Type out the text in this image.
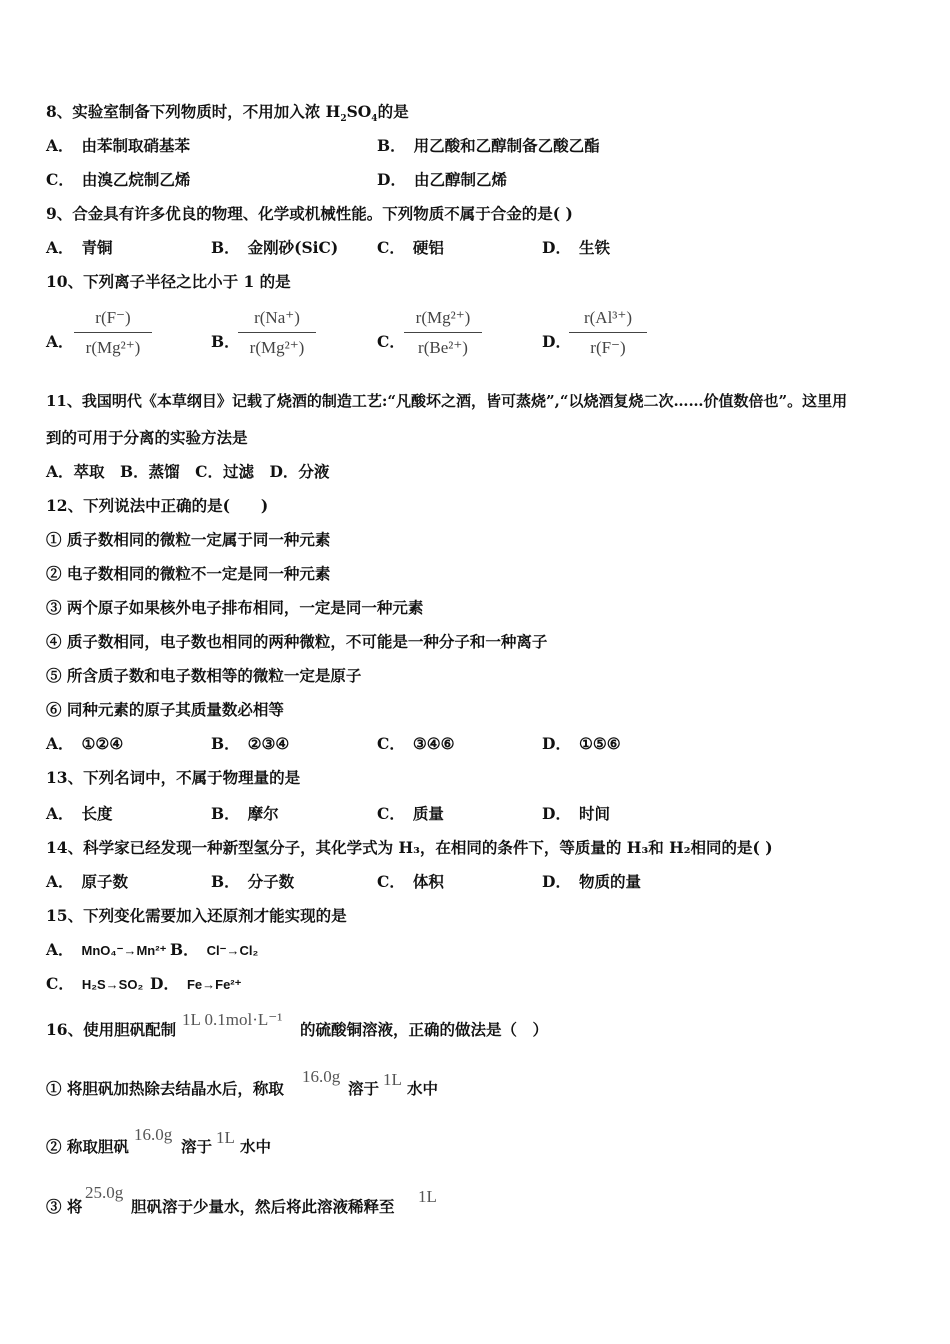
8、实验室制备下列物质时，不用加入浓 $H_2SO_4$的是
A． 由苯制取硝基苯	B． 用乙酸和乙醇制备乙酸乙酯
C． 由溴乙烷制乙烯	D． 由乙醇制乙烯
9、合金具有许多优良的物理、化学或机械性能。下列物质不属于合金的是( )
A． 青铜	B． 金刚砂(SiC)	C． 硬铝	D． 生铁
10、下列离子半径之比小于 1 的是
A．
r(F⁻)
r(Mg²⁺)	B．
r(Na⁺)
r(Mg²⁺)	C．
r(Mg²⁺)
r(Be²⁺)	D．
r(Al³⁺)
r(F⁻)
11、我国明代《本草纲目》记载了烧酒的制造工艺:“凡酸坏之酒，皆可蒸烧”,“以烧酒复烧二次……价值数倍也”。这里用
到的可用于分离的实验方法是
A．萃取　B．蒸馏　C．过滤　D．分液
12、下列说法中正确的是(　　)
① 质子数相同的微粒一定属于同一种元素
② 电子数相同的微粒不一定是同一种元素
③ 两个原子如果核外电子排布相同，一定是同一种元素
④ 质子数相同，电子数也相同的两种微粒，不可能是一种分子和一种离子
⑤ 所含质子数和电子数相等的微粒一定是原子
⑥ 同种元素的原子其质量数必相等
A． ①②④	B． ②③④	C． ③④⑥	D． ①⑤⑥
13、下列名词中，不属于物理量的是
A． 长度	B． 摩尔	C． 质量	D． 时间
14、科学家已经发现一种新型氢分子，其化学式为 H₃，在相同的条件下，等质量的 H₃和 H₂相同的是( )
A． 原子数	B． 分子数	C． 体积	D． 物质的量
15、下列变化需要加入还原剂才能实现的是
A． MnO₄⁻→Mn²⁺ B． Cl⁻→Cl₂
C． H₂S→SO₂ D． Fe→Fe²⁺
16、使用胆矾配制
1L 0.1mol·L⁻¹
的硫酸铜溶液，正确的做法是（　）
① 将胆矾加热除去结晶水后，称取
16.0g
溶于 1L 水中
② 称取胆矾
16.0g
溶于 1L 水中
③ 将
25.0g
胆矾溶于少量水，然后将此溶液稀释至
1L
